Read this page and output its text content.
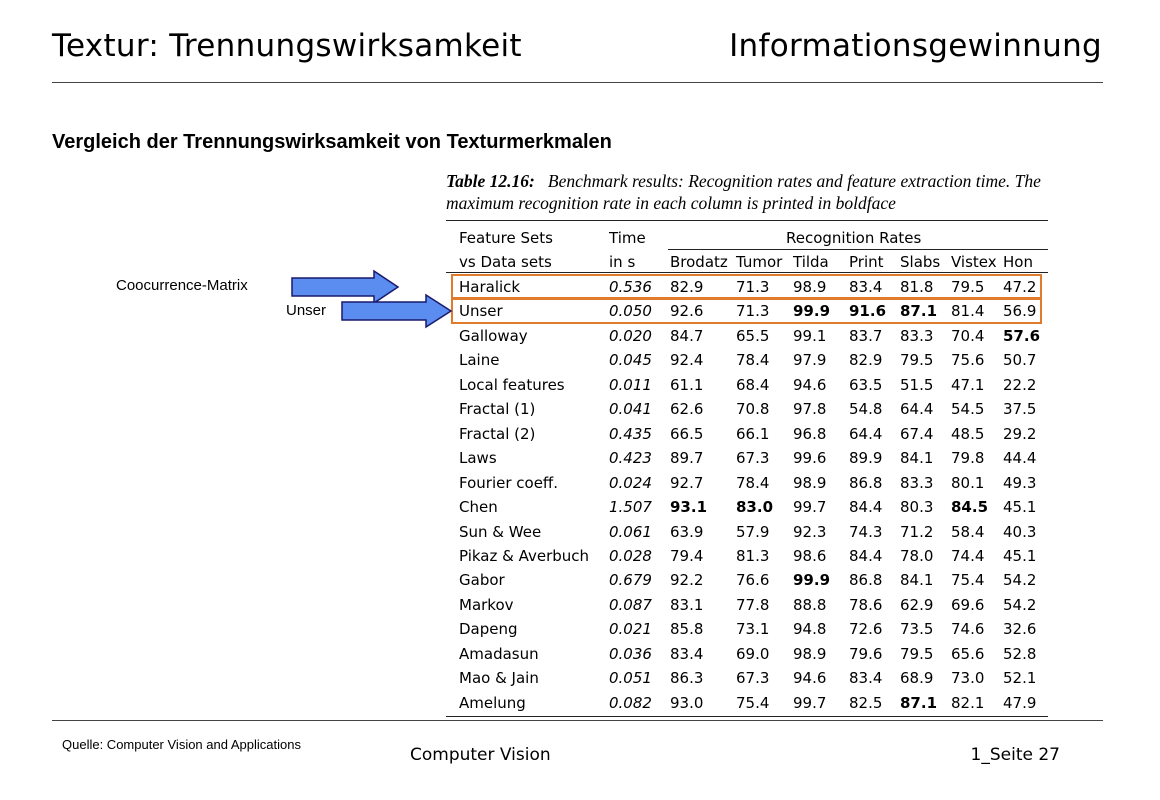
Textur: Trennungswirksamkeit	Informationsgewinnung
Vergleich der Trennungswirksamkeit von Texturmerkmalen
Table 12.16: Benchmark results: Recognition rates and feature extraction time. The maximum recognition rate in each column is printed in boldface
Feature Sets	Time	Recognition Rates
vs Data sets	in s Brodatz Tumor Tilda Print Slabs Vistex Hon
Haralick	0.536 82.9 71.3 98.9 83.4 81.8 79.5 47.2
Unser	0.050 92.6 71.3 99.9 91.6 87.1 81.4 56.9
Galloway	0.020 84.7 65.5 99.1 83.7 83.3 70.4 57.6
Laine	0.045 92.4 78.4 97.9 82.9 79.5 75.6 50.7
Local features	0.011 61.1 68.4 94.6 63.5 51.5 47.1 22.2
Fractal (1)	0.041 62.6 70.8 97.8 54.8 64.4 54.5 37.5
Fractal (2)	0.435 66.5 66.1 96.8 64.4 67.4 48.5 29.2
Laws	0.423 89.7 67.3 99.6 89.9 84.1 79.8 44.4
Fourier coeff.	0.024 92.7 78.4 98.9 86.8 83.3 80.1 49.3
Chen	1.507 93.1 83.0 99.7 84.4 80.3 84.5 45.1
Sun & Wee	0.061 63.9 57.9 92.3 74.3 71.2 58.4 40.3
Pikaz & Averbuch 0.028 79.4 81.3 98.6 84.4 78.0 74.4 45.1
Gabor	0.679 92.2 76.6 99.9 86.8 84.1 75.4 54.2
Markov	0.087 83.1 77.8 88.8 78.6 62.9 69.6 54.2
Dapeng	0.021 85.8 73.1 94.8 72.6 73.5 74.6 32.6
Amadasun	0.036 83.4 69.0 98.9 79.6 79.5 65.6 52.8
Mao & Jain	0.051 86.3 67.3 94.6 83.4 68.9 73.0 52.1
Amelung	0.082 93.0 75.4 99.7 82.5 87.1 82.1 47.9
Coocurrence-Matrix
Unser
Quelle: Computer Vision and Applications
Computer Vision	1_Seite 27
